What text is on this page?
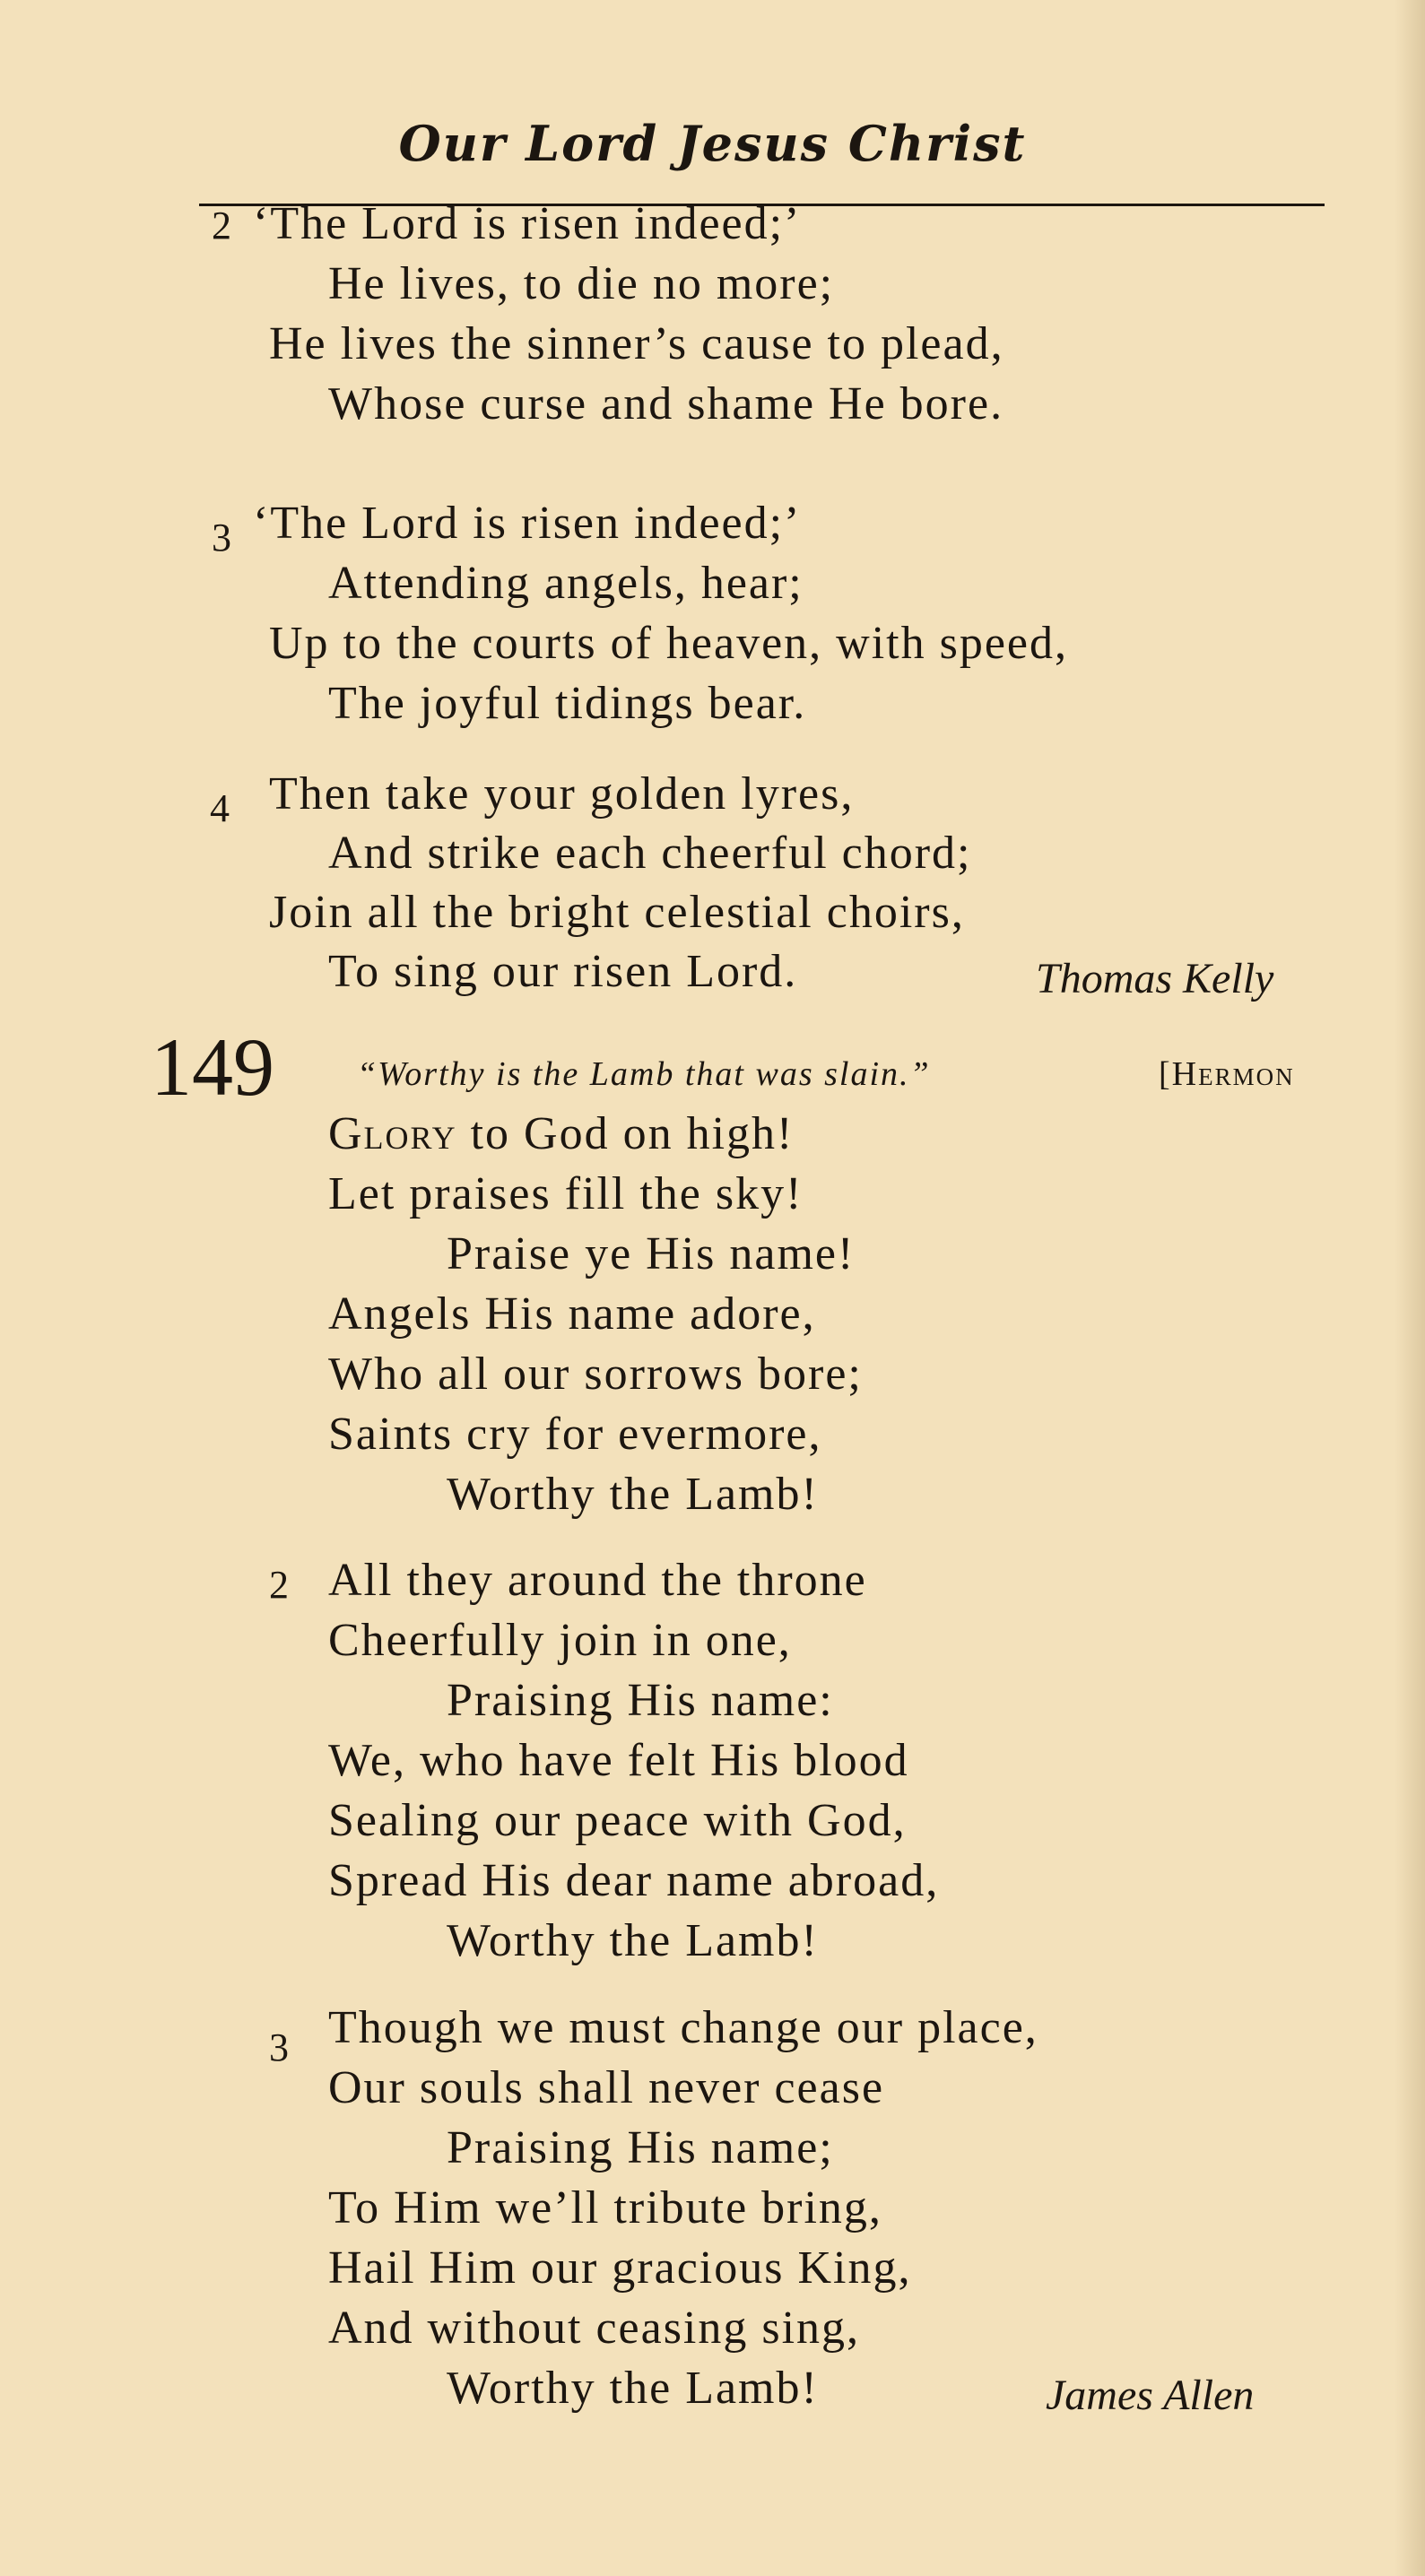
Our Lord Jesus Christ
2 ‘The Lord is risen indeed;’
He lives, to die no more;
He lives the sinner’s cause to plead,
Whose curse and shame He bore.
3 ‘The Lord is risen indeed;’
Attending angels, hear;
Up to the courts of heaven, with speed,
The joyful tidings bear.
4 Then take your golden lyres,
And strike each cheerful chord;
Join all the bright celestial choirs,
To sing our risen Lord.	Thomas Kelly
149 “Worthy is the Lamb that was slain.”	[Hermon
Glory to God on high!
Let praises fill the sky!
Praise ye His name!
Angels His name adore,
Who all our sorrows bore;
Saints cry for evermore,
Worthy the Lamb!
2 All they around the throne
Cheerfully join in one,
Praising His name:
We, who have felt His blood
Sealing our peace with God,
Spread His dear name abroad,
Worthy the Lamb!
3 Though we must change our place,
Our souls shall never cease
Praising His name;
To Him we’ll tribute bring,
Hail Him our gracious King,
And without ceasing sing,
Worthy the Lamb!	James Allen
